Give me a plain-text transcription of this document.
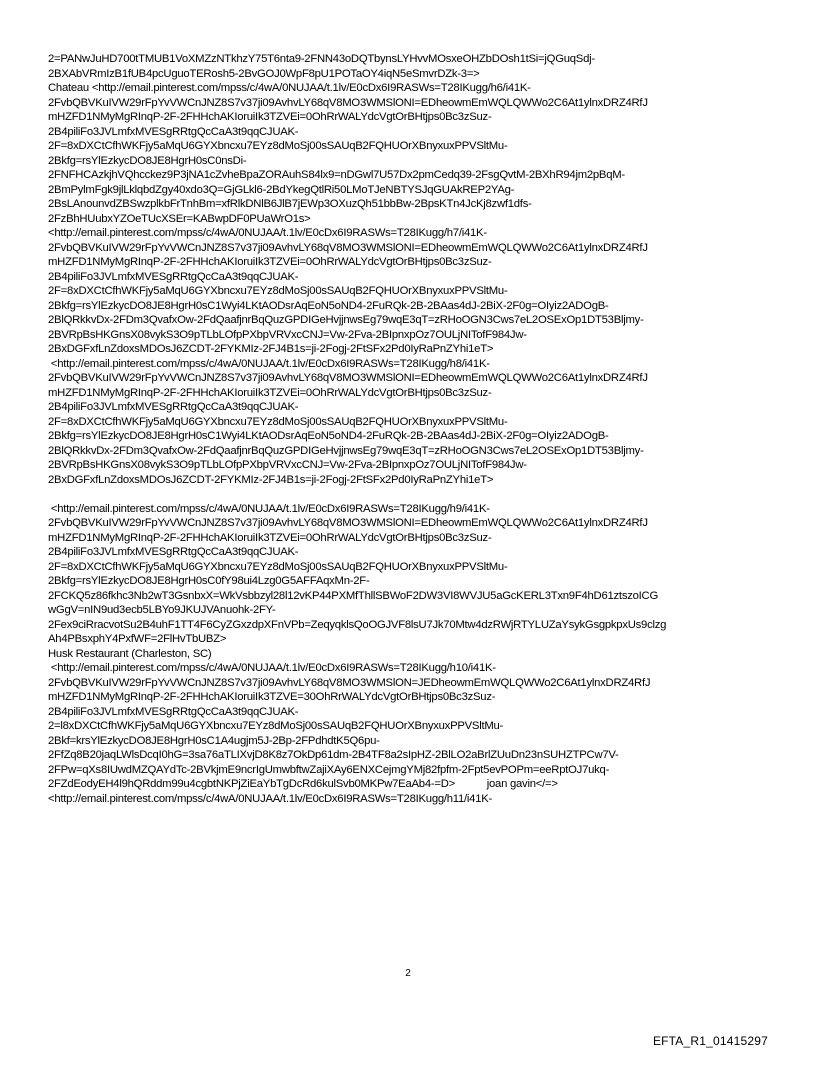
2=PANwJuHD700tTMUB1VoXMZzNTkhzY75T6nta9-2FNN43oDQTbynsLYHvvMOsxeOHZbDOsh1tSi=jQGuqSdj-
2BXAbVRmIzB1fUB4pcUguoTERosh5-2BvGOJ0WpF8pU1POTaOY4iqN5eSmvrDZk-3=>
Chateau <http://email.pinterest.com/mpss/c/4wA/0NUJAA/t.1lv/E0cDx6I9RASWs=T28IKugg/h6/i41K-
2FvbQBVKuIVW29rFpYvVWCnJNZ8S7v37ji09AvhvLY68qV8MO3WMSlONI=EDheowmEmWQLQWWo2C6At1ylnxDRZ4RfJ
mHZFD1NMyMgRInqP-2F-2FHHchAKIoruiIk3TZVEi=0OhRrWALYdcVgtOrBHtjps0Bc3zSuz-
2B4piliFo3JVLmfxMVESgRRtgQcCaA3t9qqCJUAK-
2F=8xDXCtCfhWKFjy5aMqU6GYXbncxu7EYz8dMoSj00sSAUqB2FQHUOrXBnyxuxPPVSltMu-
2Bkfg=rsYlEzkycDO8JE8HgrH0sC0nsDi-
2FNFHCAzkjhVQhcckez9P3jNA1cZvheBpaZORAuhS84lx9=nDGwl7U57Dx2pmCedq39-2FsgQvtM-2BXhR94jm2pBqM-
2BmPylmFgk9jlLklqbdZgy40xdo3Q=GjGLkl6-2BdYkegQtlRi50LMoTJeNBTYSJqGUAkREP2YAg-
2BsLAnounvdZBSwzplkbFrTnhBm=xfRlkDNlB6JlB7jEWp3OXuzQh51bbBw-2BpsKTn4JcKj8zwf1dfs-
2FzBhHUubxYZOeTUcXSEr=KABwpDF0PUaWrO1s>
<http://email.pinterest.com/mpss/c/4wA/0NUJAA/t.1lv/E0cDx6I9RASWs=T28IKugg/h7/i41K-
2FvbQBVKuIVW29rFpYvVWCnJNZ8S7v37ji09AvhvLY68qV8MO3WMSlONI=EDheowmEmWQLQWWo2C6At1ylnxDRZ4RfJ
mHZFD1NMyMgRInqP-2F-2FHHchAKIoruiIk3TZVEi=0OhRrWALYdcVgtOrBHtjps0Bc3zSuz-
2B4piliFo3JVLmfxMVESgRRtgQcCaA3t9qqCJUAK-
2F=8xDXCtCfhWKFjy5aMqU6GYXbncxu7EYz8dMoSj00sSAUqB2FQHUOrXBnyxuxPPVSltMu-
2Bkfg=rsYlEzkycDO8JE8HgrH0sC1Wyi4LKtAODsrAqEoN5oND4-2FuRQk-2B-2BAas4dJ-2BiX-2F0g=OIyiz2ADOgB-
2BlQRkkvDx-2FDm3QvafxOw-2FdQaafjnrBqQuzGPDIGeHvjjnwsEg79wqE3qT=zRHoOGN3Cws7eL2OSExOp1DT53Bljmy-
2BVRpBsHKGnsX08vykS3O9pTLbLOfpPXbpVRVxcCNJ=Vw-2Fva-2BIpnxpOz7OULjNITofF984Jw-
2BxDGFxfLnZdoxsMDOsJ6ZCDT-2FYKMIz-2FJ4B1s=ji-2Fogj-2FtSFx2Pd0IyRaPnZYhi1eT>
<http://email.pinterest.com/mpss/c/4wA/0NUJAA/t.1lv/E0cDx6I9RASWs=T28IKugg/h8/i41K-
2FvbQBVKuIVW29rFpYvVWCnJNZ8S7v37ji09AvhvLY68qV8MO3WMSlONI=EDheowmEmWQLQWWo2C6At1ylnxDRZ4RfJ
mHZFD1NMyMgRInqP-2F-2FHHchAKIoruiIk3TZVEi=0OhRrWALYdcVgtOrBHtjps0Bc3zSuz-
2B4piliFo3JVLmfxMVESgRRtgQcCaA3t9qqCJUAK-
2F=8xDXCtCfhWKFjy5aMqU6GYXbncxu7EYz8dMoSj00sSAUqB2FQHUOrXBnyxuxPPVSltMu-
2Bkfg=rsYlEzkycDO8JE8HgrH0sC1Wyi4LKtAODsrAqEoN5oND4-2FuRQk-2B-2BAas4dJ-2BiX-2F0g=OIyiz2ADOgB-
2BlQRkkvDx-2FDm3QvafxOw-2FdQaafjnrBqQuzGPDIGeHvjjnwsEg79wqE3qT=zRHoOGN3Cws7eL2OSExOp1DT53Bljmy-
2BVRpBsHKGnsX08vykS3O9pTLbLOfpPXbpVRVxcCNJ=Vw-2Fva-2BIpnxpOz7OULjNITofF984Jw-
2BxDGFxfLnZdoxsMDOsJ6ZCDT-2FYKMIz-2FJ4B1s=ji-2Fogj-2FtSFx2Pd0IyRaPnZYhi1eT>
<http://email.pinterest.com/mpss/c/4wA/0NUJAA/t.1lv/E0cDx6I9RASWs=T28IKugg/h9/i41K-
2FvbQBVKuIVW29rFpYvVWCnJNZ8S7v37ji09AvhvLY68qV8MO3WMSlONI=EDheowmEmWQLQWWo2C6At1ylnxDRZ4RfJ
mHZFD1NMyMgRInqP-2F-2FHHchAKIoruiIk3TZVEi=0OhRrWALYdcVgtOrBHtjps0Bc3zSuz-
2B4piliFo3JVLmfxMVESgRRtgQcCaA3t9qqCJUAK-
2F=8xDXCtCfhWKFjy5aMqU6GYXbncxu7EYz8dMoSj00sSAUqB2FQHUOrXBnyxuxPPVSltMu-
2Bkfg=rsYlEzkycDO8JE8HgrH0sC0fY98ui4Lzg0G5AFFAqxMn-2F-
2FCKQ5z86fkhc3Nb2wT3GsnbxX=WkVsbbzyl28l12vKP44PXMfThllSBWoF2DW3VI8WVJU5aGcKERL3Txn9F4hD61ztszoICG
wGgV=nIN9ud3ecb5LBYo9JKUJVAnuohk-2FY-
2Fex9ciRracvotSu2B4uhF1TT4F6CyZGxzdpXFnVPb=ZeqyqklsQoOGJVF8lsU7Jk70Mtw4dzRWjRTYLUZaYsykGsgpkpxUs9clzg
Ah4PBsxphY4PxfWF=2FlHvTbUBZ>
Husk Restaurant (Charleston, SC)
<http://email.pinterest.com/mpss/c/4wA/0NUJAA/t.1lv/E0cDx6I9RASWs=T28IKugg/h10/i41K-
2FvbQBVKuIVW29rFpYvVWCnJNZ8S7v37ji09AvhvLY68qV8MO3WMSlON=JEDheowmEmWQLQWWo2C6At1ylnxDRZ4RfJ
mHZFD1NMyMgRInqP-2F-2FHHchAKIoruiIk3TZVE=30OhRrWALYdcVgtOrBHtjps0Bc3zSuz-
2B4piliFo3JVLmfxMVESgRRtgQcCaA3t9qqCJUAK-
2=l8xDXCtCfhWKFjy5aMqU6GYXbncxu7EYz8dMoSj00sSAUqB2FQHUOrXBnyxuxPPVSltMu-
2Bkf=krsYlEzkycDO8JE8HgrH0sC1A4ugjm5J-2Bp-2FPdhdtK5Q6pu-
2FfZq8B20jaqLWlsDcqI0hG=3sa76aTLIXvjD8K8z7OkDp61dm-2B4TF8a2sIpHZ-2BlLO2aBrlZUuDn23nSUHZTPCw7V-
2FPw=qXs8IUwdMZQAYdTc-2BVkjmE9ncrIgUmwbftwZajiXAy6ENXCejmgYMj82fpfm-2Fpt5evPOPm=eeRptOJ7ukq-
2FZdEodyEH4l9hQRddm99u4cgbtNKPjZiEaYbTgDcRd6kulSvb0MKPw7EaAb4-=D>           joan gavin</=>
<http://email.pinterest.com/mpss/c/4wA/0NUJAA/t.1lv/E0cDx6I9RASWs=T28IKugg/h11/i41K-
2
EFTA_R1_01415297
